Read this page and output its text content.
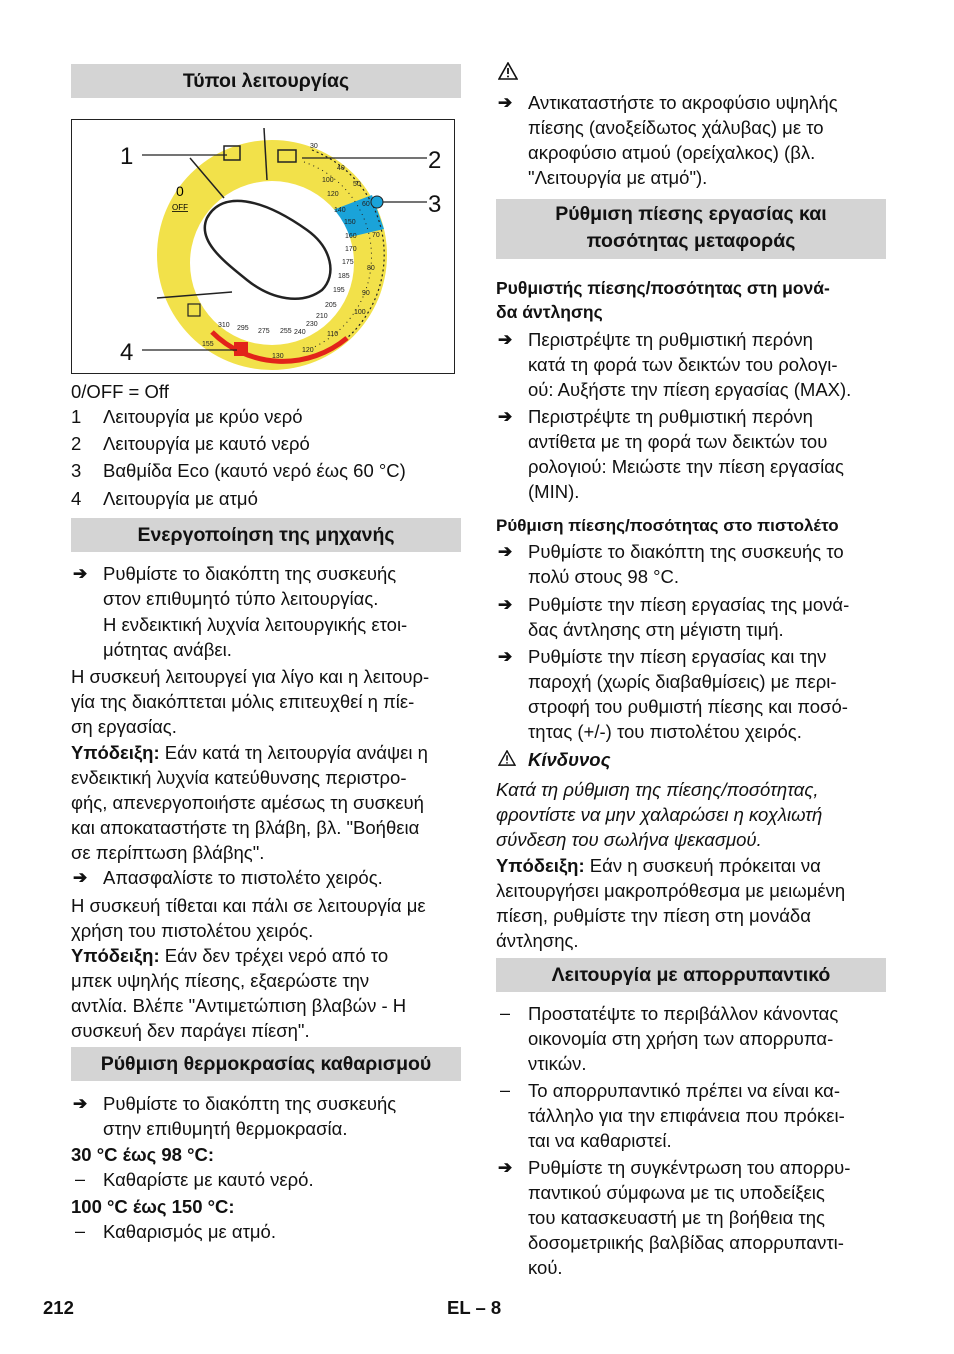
Τύποι λειτουργίας
0
OFF
30
40
50
60
70
80
90
100
110
120
130
100
120
140
150
160
170
175
185
195
205
210
230
240
255
275
295
310
155
1	2
3
4
0/OFF = Off
1 Λειτουργία με κρύο νερό
2 Λειτουργία με καυτό νερό
3 Βαθμίδα Eco (καυτό νερό έως 60 °C)
4 Λειτουργία με ατμό
Ενεργοποίηση της μηχανής
➔ Ρυθμίστε το διακόπτη της συσκευής
στον επιθυμητό τύπο λειτουργίας.
Η ενδεικτική λυχνία λειτουργικής ετοι-
μότητας ανάβει.
Η συσκευή λειτουργεί για λίγο και η λειτουρ-
γία της διακόπτεται μόλις επιτευχθεί η πίε-
ση εργασίας.
Υπόδειξη: Εάν κατά τη λειτουργία ανάψει η
ενδεικτική λυχνία κατεύθυνσης περιστρο-
φής, απενεργοποιήστε αμέσως τη συσκευή
και αποκαταστήστε τη βλάβη, βλ. "Βοήθεια
σε περίπτωση βλάβης".
➔ Απασφαλίστε το πιστολέτο χειρός.
Η συσκευή τίθεται και πάλι σε λειτουργία με
χρήση του πιστολέτου χειρός.
Υπόδειξη: Εάν δεν τρέχει νερό από το
μπεκ υψηλής πίεσης, εξαερώστε την
αντλία. Βλέπε "Αντιμετώπιση βλαβών - Η
συσκευή δεν παράγει πίεση".
Ρύθμιση θερμοκρασίας καθαρισμού
➔ Ρυθμίστε το διακόπτη της συσκευής
στην επιθυμητή θερμοκρασία.
30 °C έως 98 °C:
– Καθαρίστε με καυτό νερό.
100 °C έως 150 °C:
– Καθαρισμός με ατμό.
➔ Αντικαταστήστε το ακροφύσιο υψηλής
πίεσης (ανοξείδωτος χάλυβας) με το
ακροφύσιο ατμού (ορείχαλκος) (βλ.
"Λειτουργία με ατμό").
Ρύθμιση πίεσης εργασίας και
ποσότητας μεταφοράς
Ρυθμιστής πίεσης/ποσότητας στη μονά-
δα άντλησης
➔ Περιστρέψτε τη ρυθμιστική περόνη
κατά τη φορά των δεικτών του ρολογι-
ού: Αυξήστε την πίεση εργασίας (MAX).
➔ Περιστρέψτε τη ρυθμιστική περόνη
αντίθετα με τη φορά των δεικτών του
ρολογιού: Μειώστε την πίεση εργασίας
(MIN).
Ρύθμιση πίεσης/ποσότητας στο πιστολέτο
➔ Ρυθμίστε το διακόπτη της συσκευής το
πολύ στους 98 °C.
➔ Ρυθμίστε την πίεση εργασίας της μονά-
δας άντλησης στη μέγιστη τιμή.
➔ Ρυθμίστε την πίεση εργασίας και την
παροχή (χωρίς διαβαθμίσεις) με περι-
στροφή του ρυθμιστή πίεσης και ποσό-
τητας (+/-) του πιστολέτου χειρός.
Κίνδυνος
Κατά τη ρύθμιση της πίεσης/ποσότητας,
φροντίστε να μην χαλαρώσει η κοχλιωτή
σύνδεση του σωλήνα ψεκασμού.
Υπόδειξη: Εάν η συσκευή πρόκειται να
λειτουργήσει μακροπρόθεσμα με μειωμένη
πίεση, ρυθμίστε την πίεση στη μονάδα
άντλησης.
Λειτουργία με απορρυπαντικό
– Προστατέψτε το περιβάλλον κάνοντας
οικονομία στη χρήση των απορρυπα-
ντικών.
– Το απορρυπαντικό πρέπει να είναι κα-
τάλληλο για την επιφάνεια που πρόκει-
ται να καθαριστεί.
➔ Ρυθμίστε τη συγκέντρωση του απορρυ-
παντικού σύμφωνα με τις υποδείξεις
του κατασκευαστή με τη βοήθεια της
δοσομετριικής βαλβίδας απορρυπαντι-
κού.
212	EL – 8
